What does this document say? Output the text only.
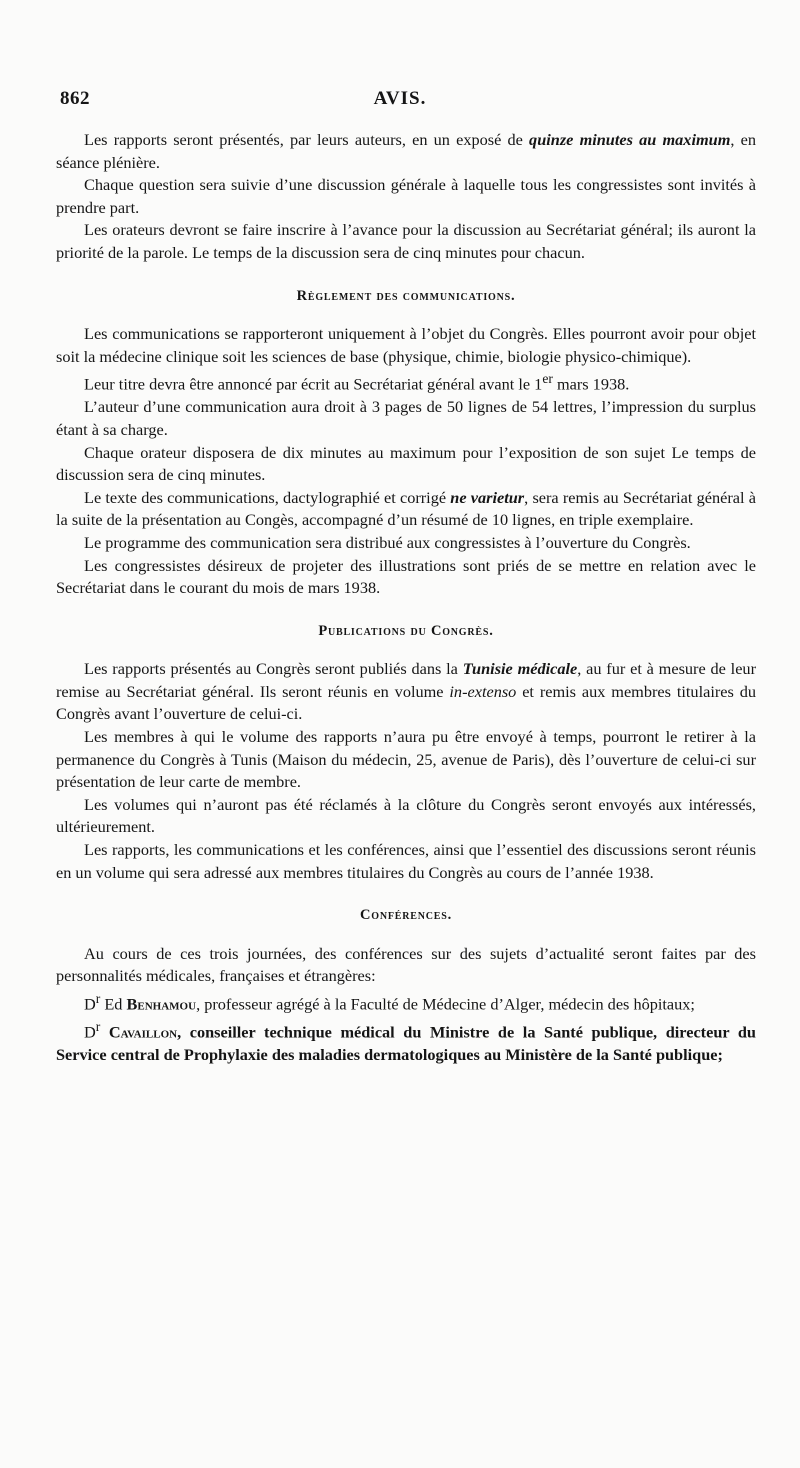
862	AVIS.

Les rapports seront présentés, par leurs auteurs, en un exposé de quinze minutes au maximum, en séance plénière.

Chaque question sera suivie d’une discussion générale à laquelle tous les congressistes sont invités à prendre part.

Les orateurs devront se faire inscrire à l’avance pour la discussion au Secrétariat général; ils auront la priorité de la parole. Le temps de la discussion sera de cinq minutes pour chacun.

Règlement des communications.

Les communications se rapporteront uniquement à l’objet du Congrès. Elles pourront avoir pour objet soit la médecine clinique soit les sciences de base (physique, chimie, biologie physico-chimique).

Leur titre devra être annoncé par écrit au Secrétariat général avant le 1er mars 1938.

L’auteur d’une communication aura droit à 3 pages de 50 lignes de 54 lettres, l’impression du surplus étant à sa charge.

Chaque orateur disposera de dix minutes au maximum pour l’exposition de son sujet Le temps de discussion sera de cinq minutes.

Le texte des communications, dactylographié et corrigé ne varietur, sera remis au Secrétariat général à la suite de la présentation au Congès, accompagné d’un résumé de 10 lignes, en triple exemplaire.

Le programme des communication sera distribué aux congressistes à l’ouverture du Congrès.

Les congressistes désireux de projeter des illustrations sont priés de se mettre en relation avec le Secrétariat dans le courant du mois de mars 1938.

Publications du Congrès.

Les rapports présentés au Congrès seront publiés dans la Tunisie médicale, au fur et à mesure de leur remise au Secrétariat général. Ils seront réunis en volume in-extenso et remis aux membres titulaires du Congrès avant l’ouverture de celui-ci.

Les membres à qui le volume des rapports n’aura pu être envoyé à temps, pourront le retirer à la permanence du Congrès à Tunis (Maison du médecin, 25, avenue de Paris), dès l’ouverture de celui-ci sur présentation de leur carte de membre.

Les volumes qui n’auront pas été réclamés à la clôture du Congrès seront envoyés aux intéressés, ultérieurement.

Les rapports, les communications et les conférences, ainsi que l’essentiel des discussions seront réunis en un volume qui sera adressé aux membres titulaires du Congrès au cours de l’année 1938.

Conférences.

Au cours de ces trois journées, des conférences sur des sujets d’actualité seront faites par des personnalités médicales, françaises et étrangères:

$D^r$ Ed Benhamou, professeur agrégé à la Faculté de Médecine d’Alger, médecin des hôpitaux;

$D^r$ Cavaillon, conseiller technique médical du Ministre de la Santé publique, directeur du Service central de Prophylaxie des maladies dermatologiques au Ministère de la Santé publique;
